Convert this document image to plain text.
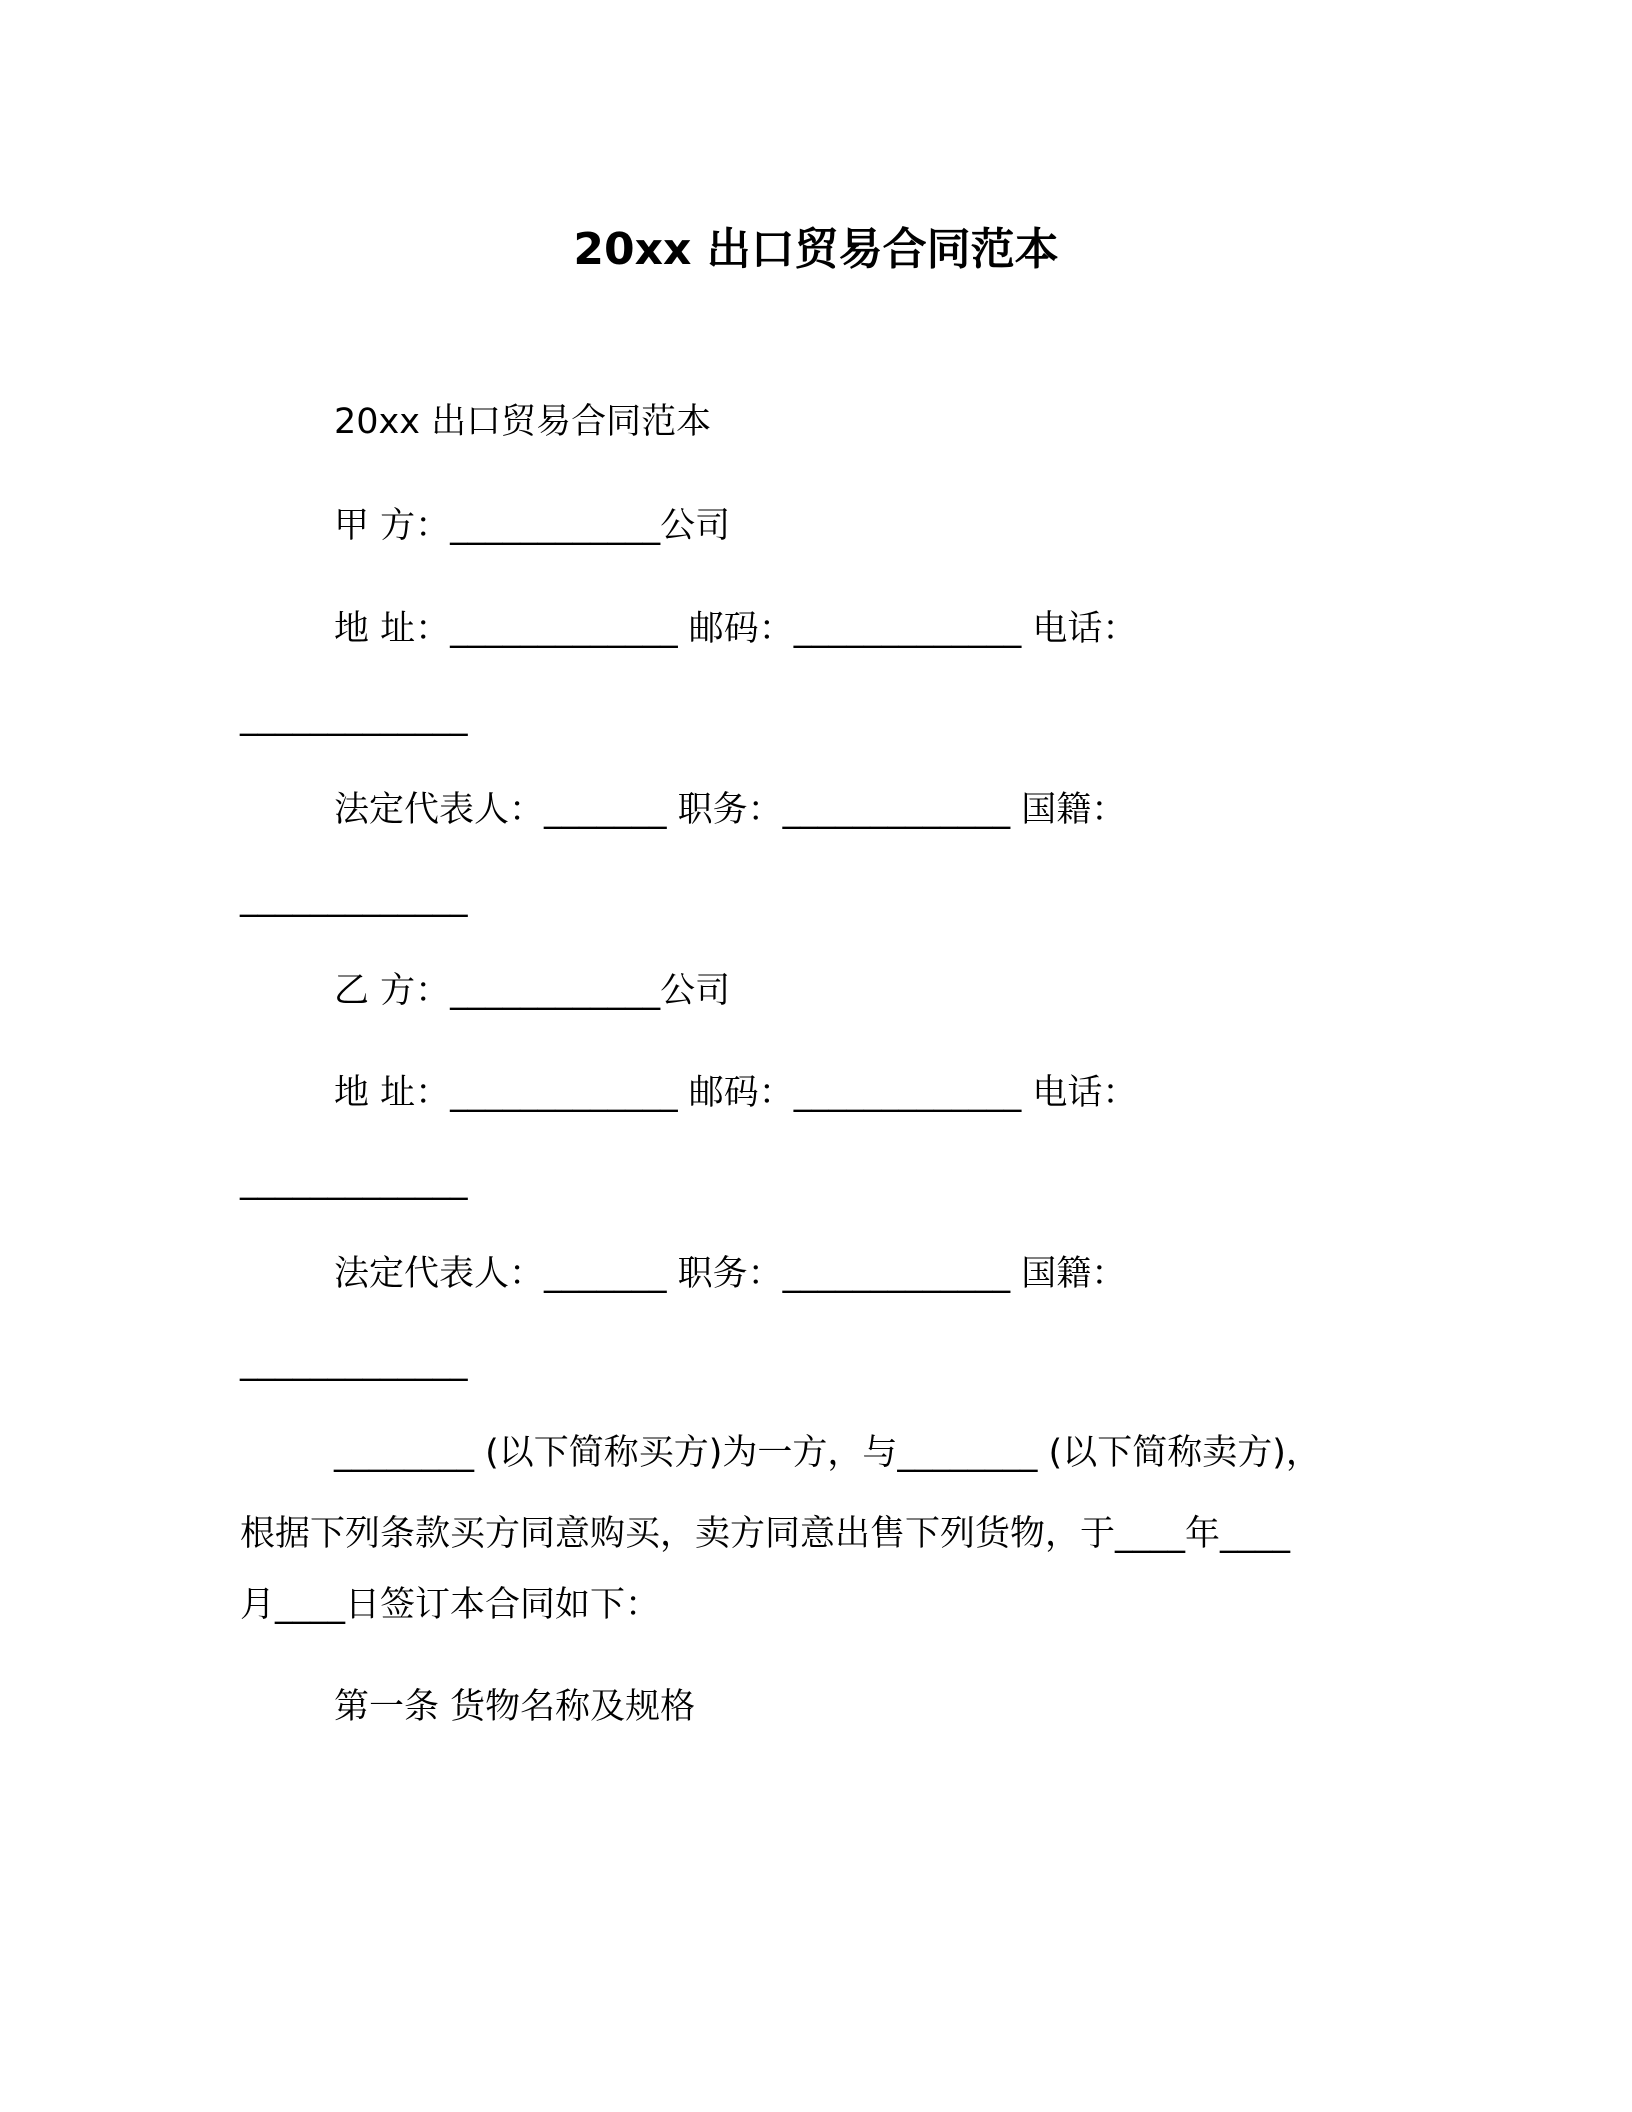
20xx 出口贸易合同范本
20xx 出口贸易合同范本
甲 方：____________公司
地 址：_____________ 邮码：_____________ 电话：
_____________
法定代表人：_______ 职务：_____________ 国籍：
_____________
乙 方：____________公司
地 址：_____________ 邮码：_____________ 电话：
_____________
法定代表人：_______ 职务：_____________ 国籍：
_____________
________ (以下简称买方)为一方，与________ (以下简称卖方)，
根据下列条款买方同意购买，卖方同意出售下列货物，于____年____
月____日签订本合同如下：
第一条 货物名称及规格
